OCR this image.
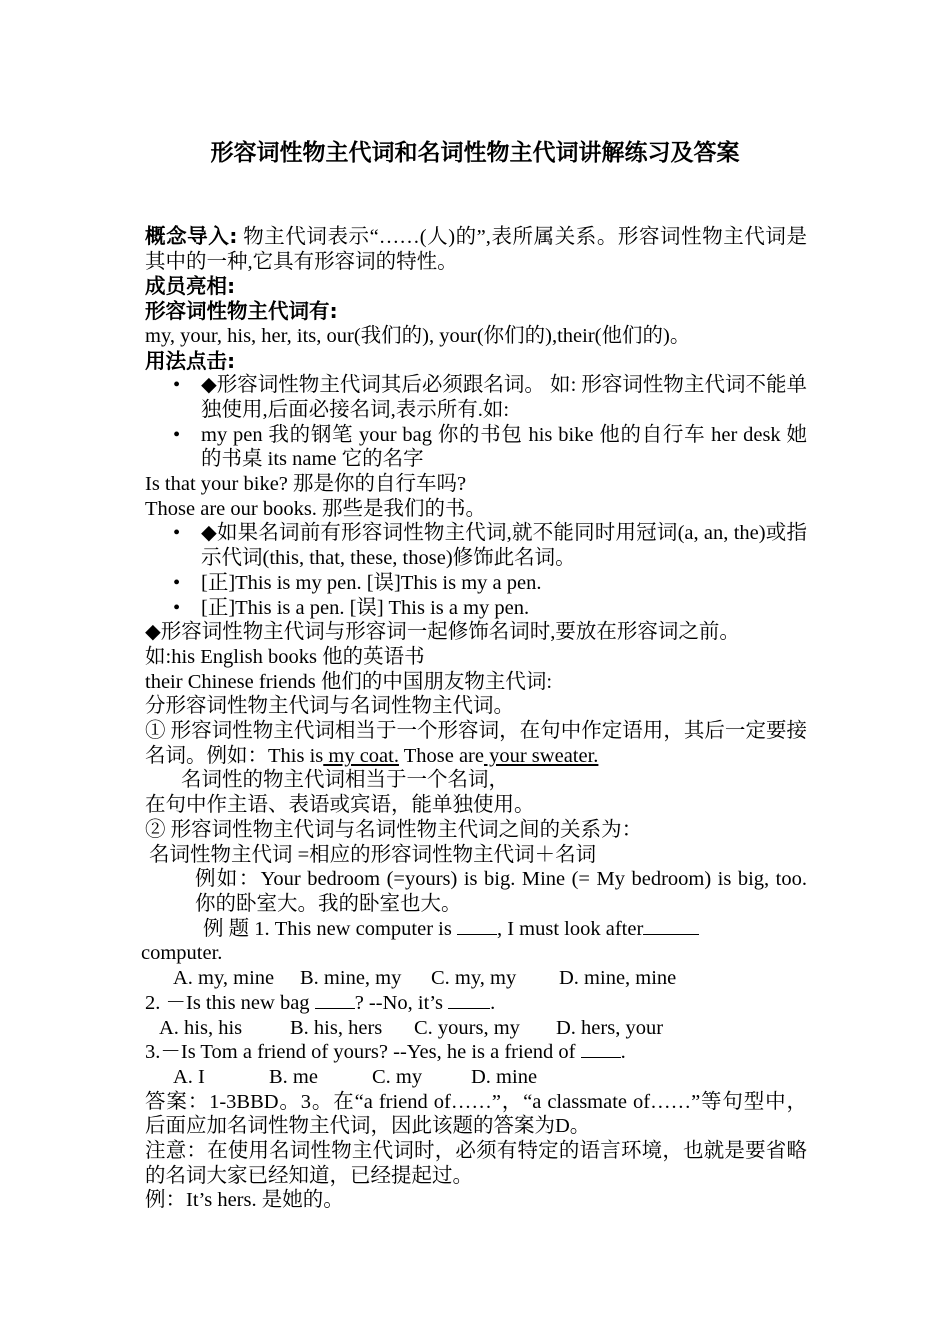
形容词性物主代词和名词性物主代词讲解练习及答案

概念导入: 物主代词表示“……(人)的”,表所属关系。形容词性物主代词是其中的一种,它具有形容词的特性。

成员亮相:

形容词性物主代词有:

my, your, his, her, its, our(我们的), your(你们的),their(他们的)。

用法点击:

• ◆形容词性物主代词其后必须跟名词。 如: 形容词性物主代词不能单独使用,后面必接名词,表示所有.如:
• my pen 我的钢笔 your bag 你的书包 his bike 他的自行车 her desk 她的书桌 its name 它的名字

Is that your bike? 那是你的自行车吗?

Those are our books. 那些是我们的书。

• ◆如果名词前有形容词性物主代词,就不能同时用冠词(a, an, the)或指示代词(this, that, these, those)修饰此名词。
• [正]This is my pen. [误]This is my a pen.
• [正]This is a pen. [误] This is a my pen.

◆形容词性物主代词与形容词一起修饰名词时,要放在形容词之前。

如:his English books 他的英语书

their Chinese friends 他们的中国朋友物主代词:

分形容词性物主代词与名词性物主代词。

① 形容词性物主代词相当于一个形容词，在句中作定语用，其后一定要接名词。例如：This is my coat. Those are your sweater.

名词性的物主代词相当于一个名词，

在句中作主语、表语或宾语，能单独使用。

② 形容词性物主代词与名词性物主代词之间的关系为：

名词性物主代词 =相应的形容词性物主代词＋名词

例如：Your bedroom (=yours) is big. Mine (= My bedroom) is big, too. 你的卧室大。我的卧室也大。

例 题 1. This new computer is , I must look after

computer.

A. my, mine B. mine, my C. my, my D. mine, mine

2. －Is this new bag ? --No, it’s .

A. his, his B. his, hers C. yours, my D. hers, your

3.－Is Tom a friend of yours? --Yes, he is a friend of .

A. I	B. me	C. my D. mine

答案：1-3BBD。3。在“a friend of……”，“a classmate of……”等句型中，后面应加名词性物主代词，因此该题的答案为D。

注意：在使用名词性物主代词时，必须有特定的语言环境，也就是要省略的名词大家已经知道，已经提起过。

例：It’s hers. 是她的。
